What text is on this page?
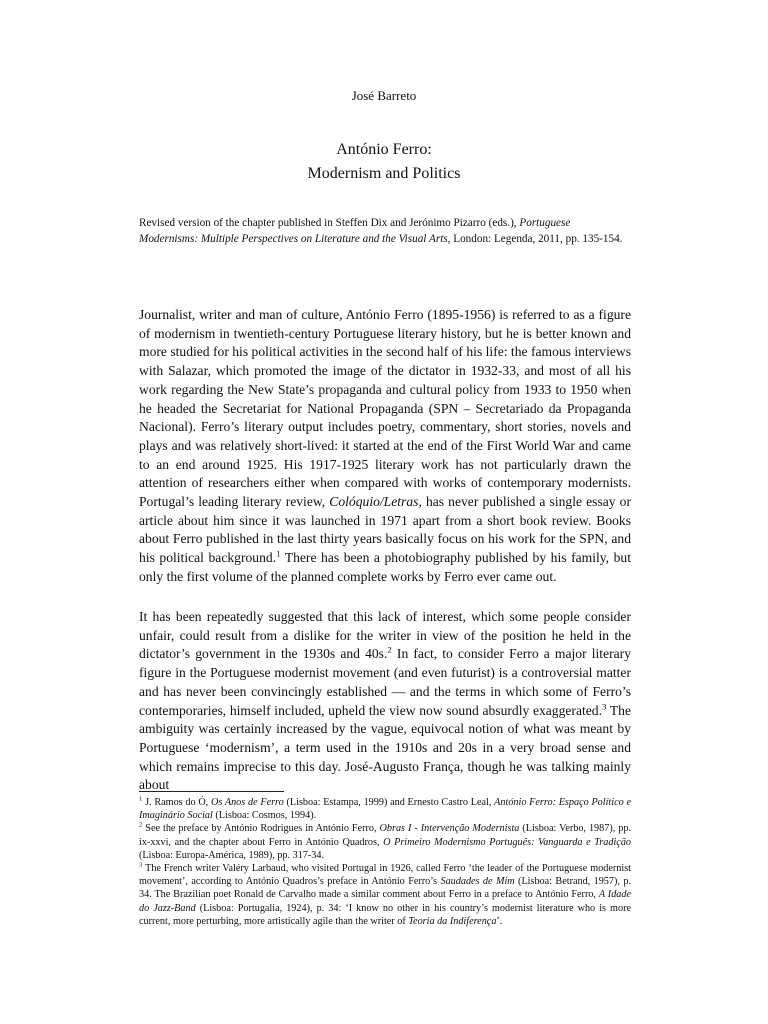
José Barreto
António Ferro:
Modernism and Politics
Revised version of the chapter published in Steffen Dix and Jerónimo Pizarro (eds.), Portuguese Modernisms: Multiple Perspectives on Literature and the Visual Arts, London: Legenda, 2011, pp. 135-154.

Journalist, writer and man of culture, António Ferro (1895-1956) is referred to as a figure of modernism in twentieth-century Portuguese literary history, but he is better known and more studied for his political activities in the second half of his life: the famous interviews with Salazar, which promoted the image of the dictator in 1932-33, and most of all his work regarding the New State’s propaganda and cultural policy from 1933 to 1950 when he headed the Secretariat for National Propaganda (SPN – Secretariado da Propaganda Nacional). Ferro’s literary output includes poetry, commentary, short stories, novels and plays and was relatively short-lived: it started at the end of the First World War and came to an end around 1925. His 1917-1925 literary work has not particularly drawn the attention of researchers either when compared with works of contemporary modernists. Portugal’s leading literary review, Colóquio/Letras, has never published a single essay or article about him since it was launched in 1971 apart from a short book review. Books about Ferro published in the last thirty years basically focus on his work for the SPN, and his political background.$^1$ There has been a photobiography published by his family, but only the first volume of the planned complete works by Ferro ever came out.

It has been repeatedly suggested that this lack of interest, which some people consider unfair, could result from a dislike for the writer in view of the position he held in the dictator’s government in the 1930s and 40s.$^2$ In fact, to consider Ferro a major literary figure in the Portuguese modernist movement (and even futurist) is a controversial matter and has never been convincingly established — and the terms in which some of Ferro’s contemporaries, himself included, upheld the view now sound absurdly exaggerated.$^3$ The ambiguity was certainly increased by the vague, equivocal notion of what was meant by Portuguese ‘modernism’, a term used in the 1910s and 20s in a very broad sense and which remains imprecise to this day. José-Augusto França, though he was talking mainly about

$^1$ J. Ramos do Ó, Os Anos de Ferro (Lisboa: Estampa, 1999) and Ernesto Castro Leal, António Ferro: Espaço Político e Imaginário Social (Lisboa: Cosmos, 1994).

$^2$ See the preface by António Rodrigues in António Ferro, Obras I - Intervenção Modernista (Lisboa: Verbo, 1987), pp. ix-xxvi, and the chapter about Ferro in António Quadros, O Primeiro Modernismo Português: Vanguarda e Tradição (Lisboa: Europa-América, 1989), pp. 317-34.

$^3$ The French writer Valéry Larbaud, who visited Portugal in 1926, called Ferro ‘the leader of the Portuguese modernist movement’, according to António Quadros’s preface in António Ferro’s Saudades de Mim (Lisboa: Betrand, 1957), p. 34. The Brazilian poet Ronald de Carvalho made a similar comment about Ferro in a preface to António Ferro, A Idade do Jazz-Band (Lisboa: Portugalia, 1924), p. 34: ‘I know no other in his country’s modernist literature who is more current, more perturbing, more artistically agile than the writer of Teoria da Indiferença’.
